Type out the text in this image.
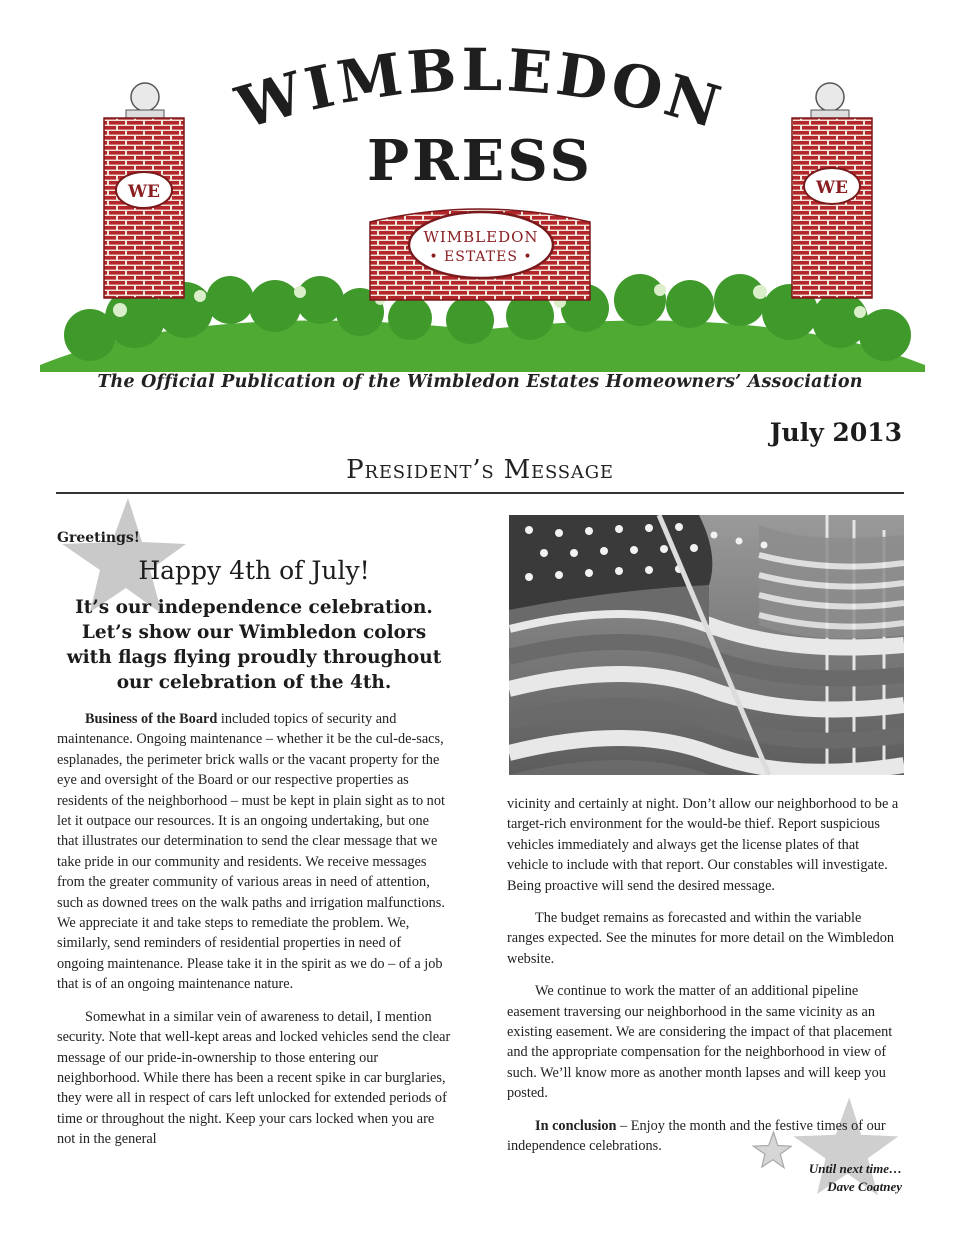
WE	WE
WIMBLEDON
• ESTATES •
WIMBLEDON
PRESS
The Official Publication of the Wimbledon Estates Homeowners’ Association
July 2013
President’s Message

Greetings!

Happy 4th of July!

It’s our independence celebration. Let’s show our Wimbledon colors with flags flying proudly throughout our celebration of the 4th.

Business of the Board included topics of security and maintenance. Ongoing maintenance – whether it be the cul-de-sacs, esplanades, the perimeter brick walls or the vacant property for the eye and oversight of the Board or our respective properties as residents of the neighborhood – must be kept in plain sight as to not let it outpace our resources. It is an ongoing undertaking, but one that illustrates our determination to send the clear message that we take pride in our community and residents. We receive messages from the greater community of various areas in need of attention, such as downed trees on the walk paths and irrigation malfunctions. We appreciate it and take steps to remediate the problem. We, similarly, send reminders of residential properties in need of ongoing maintenance. Please take it in the spirit as we do – of a job that is of an ongoing maintenance nature.

Somewhat in a similar vein of awareness to detail, I mention security. Note that well-kept areas and locked vehicles send the clear message of our pride-in-ownership to those entering our neighborhood. While there has been a recent spike in car burglaries, they were all in respect of cars left unlocked for extended periods of time or throughout the night. Keep your cars locked when you are not in the general

vicinity and certainly at night. Don’t allow our neighborhood to be a target-rich environment for the would-be thief. Report suspicious vehicles immediately and always get the license plates of that vehicle to include with that report. Our constables will investigate. Being proactive will send the desired message.

The budget remains as forecasted and within the variable ranges expected. See the minutes for more detail on the Wimbledon website.

We continue to work the matter of an additional pipeline easement traversing our neighborhood in the same vicinity as an existing easement. We are considering the impact of that placement and the appropriate compensation for the neighborhood in view of such. We’ll know more as another month lapses and will keep you posted.

In conclusion – Enjoy the month and the festive times of our independence celebrations.

Until next time…
Dave Coatney
